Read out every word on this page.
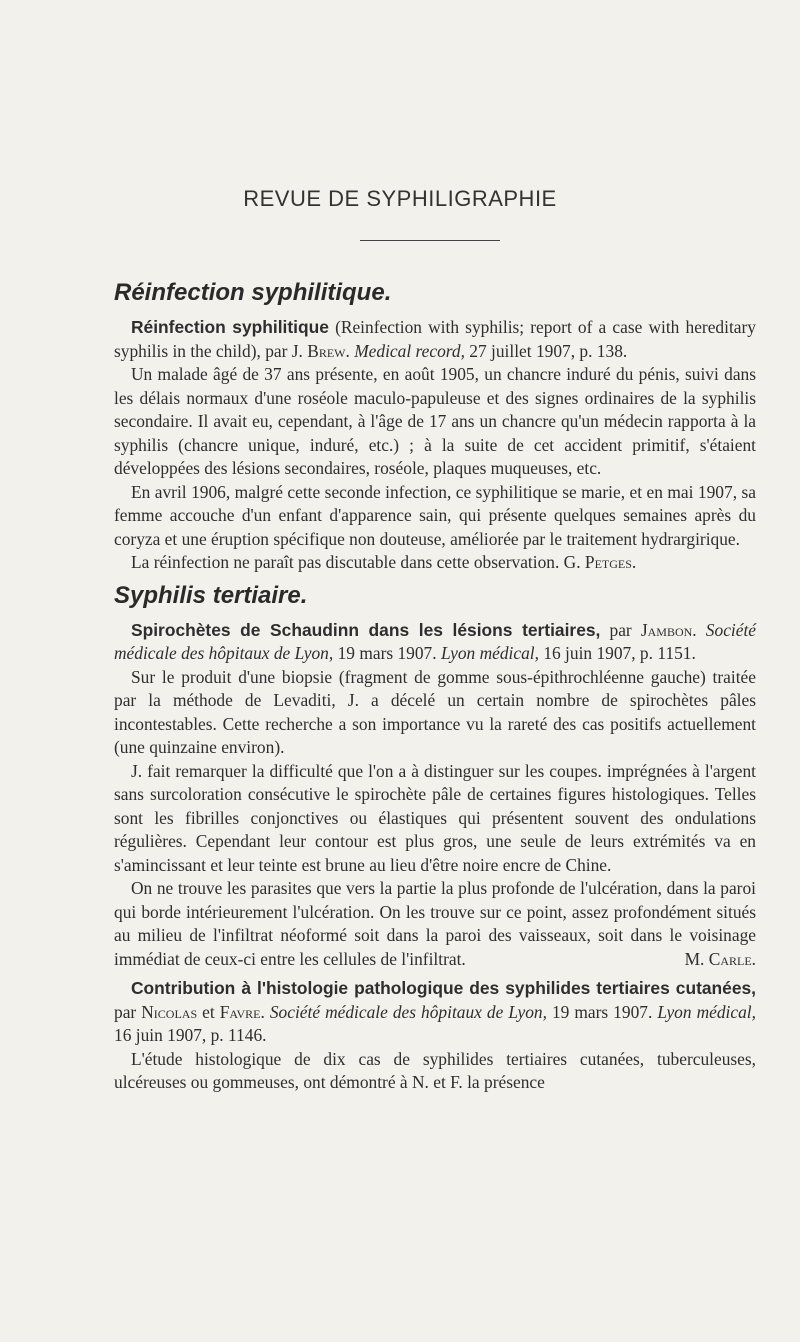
REVUE DE SYPHILIGRAPHIE
Réinfection syphilitique.

Réinfection syphilitique (Reinfection with syphilis; report of a case with hereditary syphilis in the child), par J. Brew. Medical record, 27 juillet 1907, p. 138.

Un malade âgé de 37 ans présente, en août 1905, un chancre induré du pénis, suivi dans les délais normaux d'une roséole maculo-papuleuse et des signes ordinaires de la syphilis secondaire. Il avait eu, cependant, à l'âge de 17 ans un chancre qu'un médecin rapporta à la syphilis (chancre unique, induré, etc.) ; à la suite de cet accident primitif, s'étaient développées des lésions secondaires, roséole, plaques muqueuses, etc.

En avril 1906, malgré cette seconde infection, ce syphilitique se marie, et en mai 1907, sa femme accouche d'un enfant d'apparence sain, qui présente quelques semaines après du coryza et une éruption spécifique non douteuse, améliorée par le traitement hydrargirique.

La réinfection ne paraît pas discutable dans cette observation. G. Petges.

Syphilis tertiaire.

Spirochètes de Schaudinn dans les lésions tertiaires, par Jambon. Société médicale des hôpitaux de Lyon, 19 mars 1907. Lyon médical, 16 juin 1907, p. 1151.

Sur le produit d'une biopsie (fragment de gomme sous-épithrochléenne gauche) traitée par la méthode de Levaditi, J. a décelé un certain nombre de spirochètes pâles incontestables. Cette recherche a son importance vu la rareté des cas positifs actuellement (une quinzaine environ).

J. fait remarquer la difficulté que l'on a à distinguer sur les coupes. imprégnées à l'argent sans surcoloration consécutive le spirochète pâle de certaines figures histologiques. Telles sont les fibrilles conjonctives ou élastiques qui présentent souvent des ondulations régulières. Cependant leur contour est plus gros, une seule de leurs extrémités va en s'amincissant et leur teinte est brune au lieu d'être noire encre de Chine.

On ne trouve les parasites que vers la partie la plus profonde de l'ulcération, dans la paroi qui borde intérieurement l'ulcération. On les trouve sur ce point, assez profondément situés au milieu de l'infiltrat néoformé soit dans la paroi des vaisseaux, soit dans le voisinage immédiat de ceux-ci entre les cellules de l'infiltrat.	M. Carle.

Contribution à l'histologie pathologique des syphilides tertiaires cutanées, par Nicolas et Favre. Société médicale des hôpitaux de Lyon, 19 mars 1907. Lyon médical, 16 juin 1907, p. 1146.

L'étude histologique de dix cas de syphilides tertiaires cutanées, tuberculeuses, ulcéreuses ou gommeuses, ont démontré à N. et F. la présence
